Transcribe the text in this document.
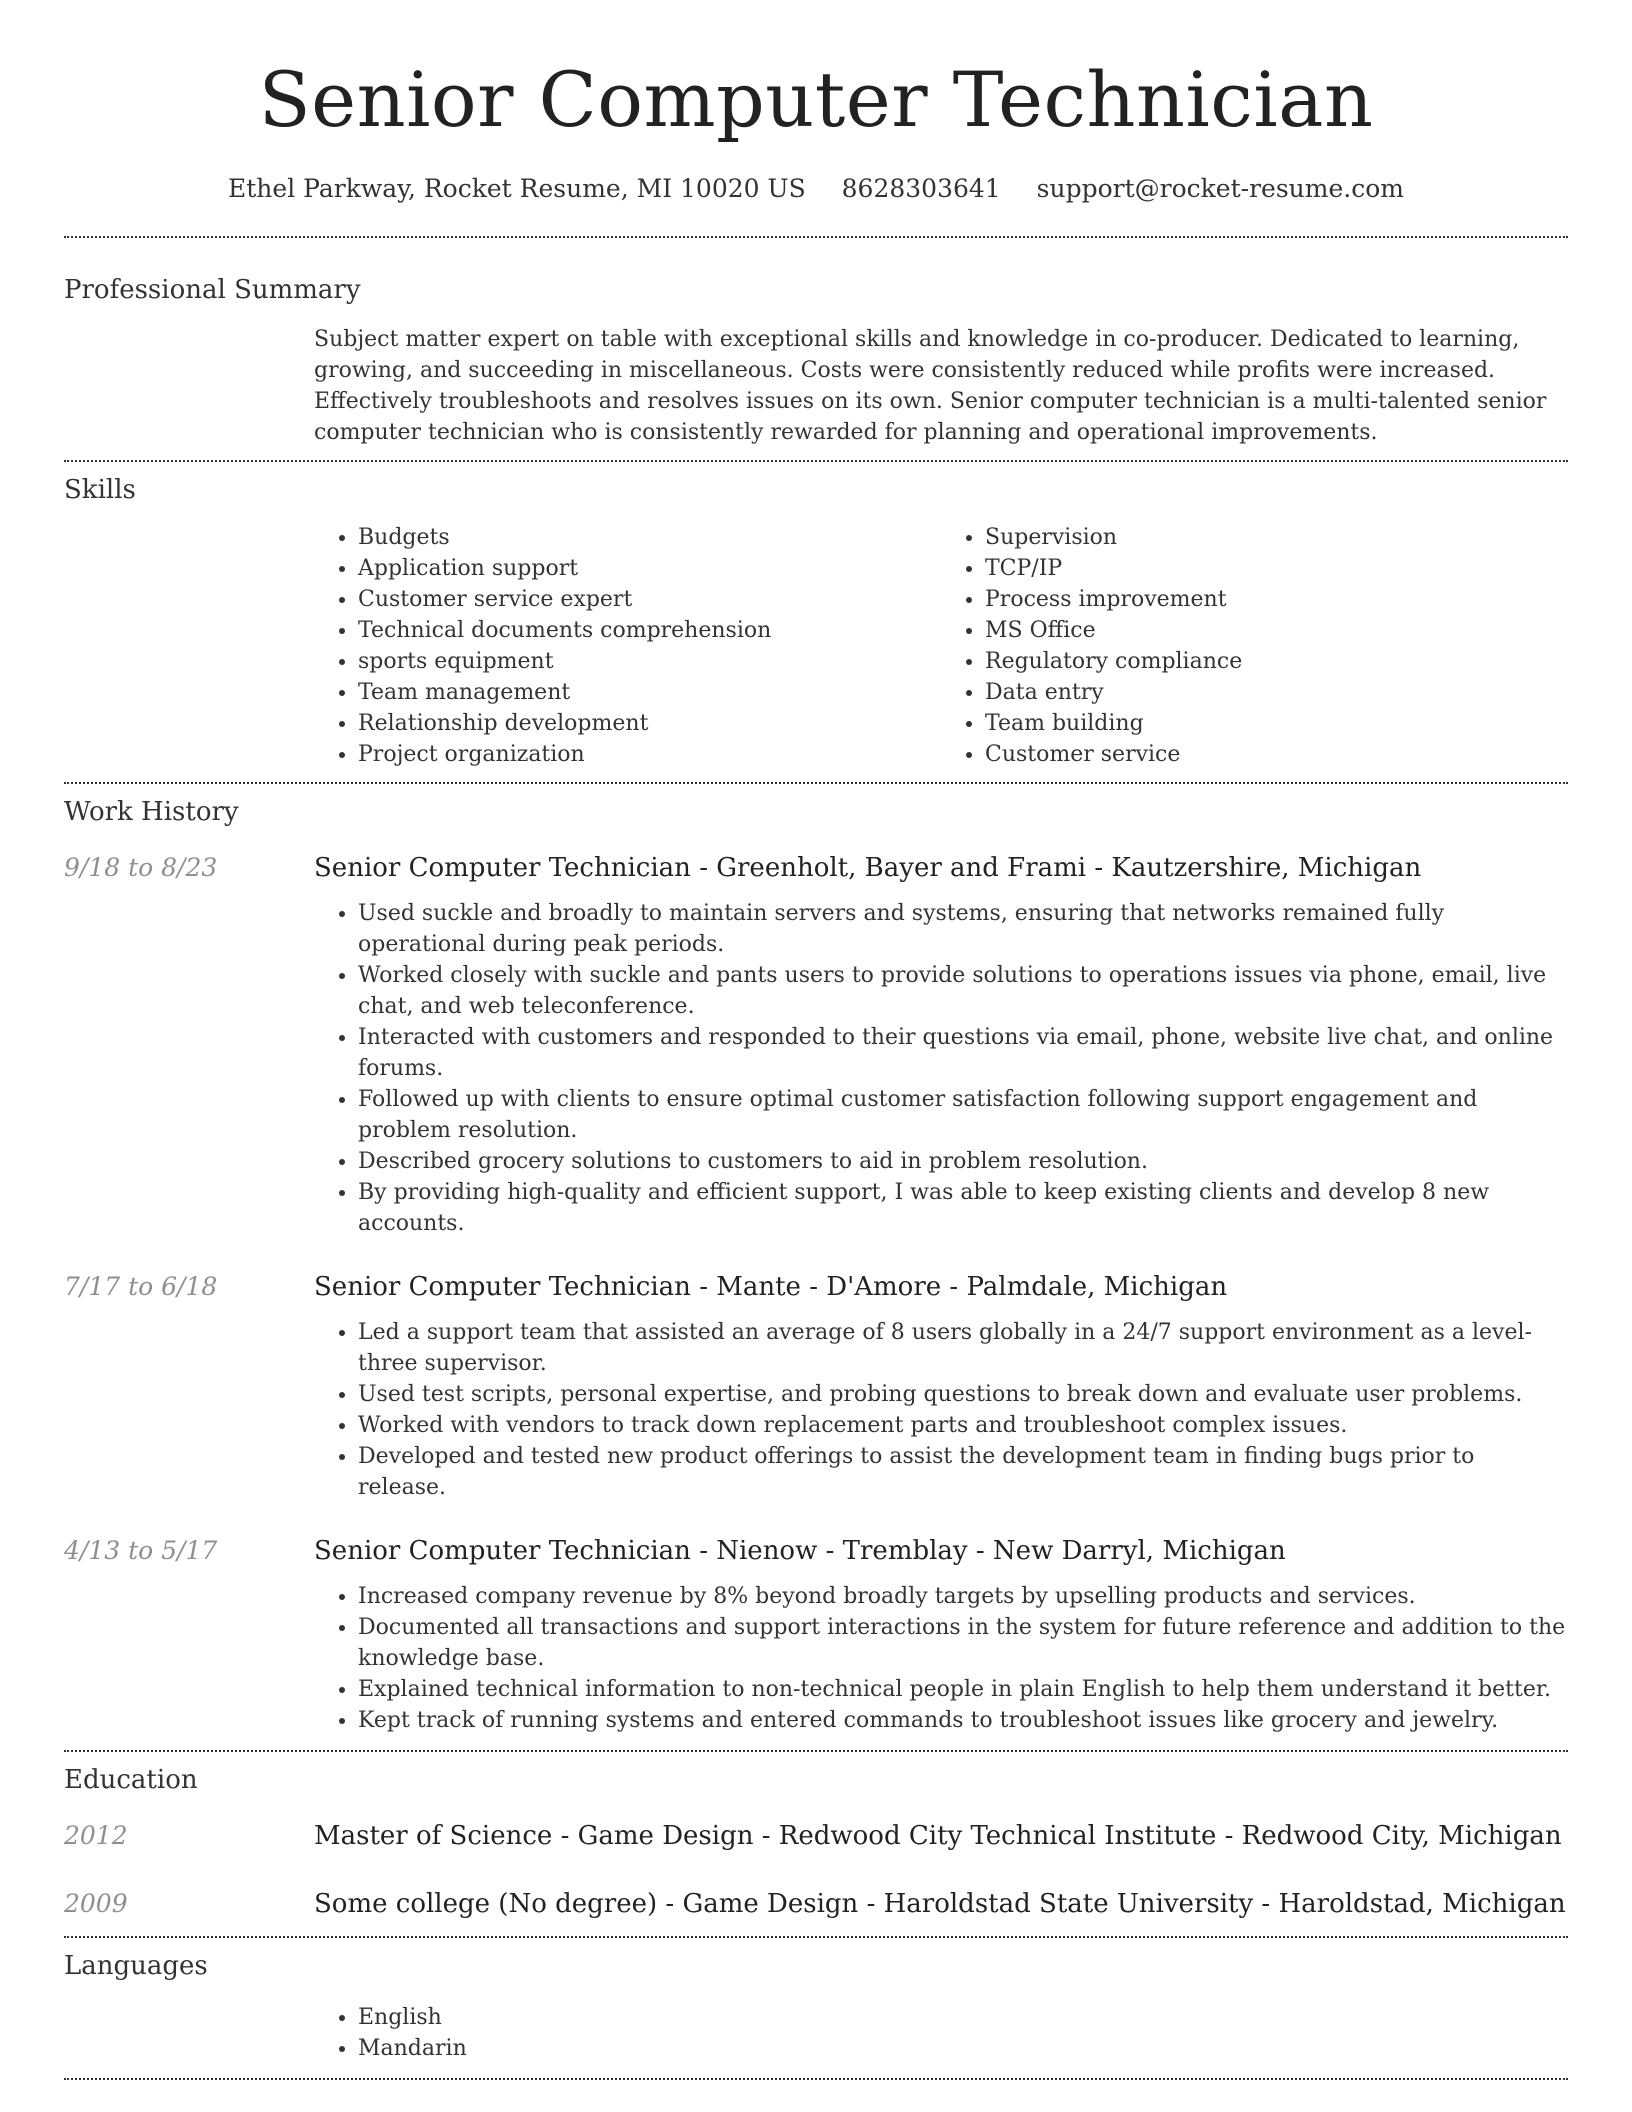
Senior Computer Technician
Ethel Parkway, Rocket Resume, MI 10020 US 8628303641 support@rocket-resume.com
Professional Summary

Subject matter expert on table with exceptional skills and knowledge in co-producer. Dedicated to learning, growing, and succeeding in miscellaneous. Costs were consistently reduced while profits were increased. Effectively troubleshoots and resolves issues on its own. Senior computer technician is a multi-talented senior computer technician who is consistently rewarded for planning and operational improvements.

Skills
• Budgets
• Application support
• Customer service expert
• Technical documents comprehension
• sports equipment
• Team management
• Relationship development
• Project organization
• Supervision
• TCP/IP
• Process improvement
• MS Office
• Regulatory compliance
• Data entry
• Team building
• Customer service
Work History
9/18 to 8/23	Senior Computer Technician - Greenholt, Bayer and Frami - Kautzershire, Michigan
• Used suckle and broadly to maintain servers and systems, ensuring that networks remained fully operational during peak periods.
• Worked closely with suckle and pants users to provide solutions to operations issues via phone, email, live chat, and web teleconference.
• Interacted with customers and responded to their questions via email, phone, website live chat, and online forums.
• Followed up with clients to ensure optimal customer satisfaction following support engagement and problem resolution.
• Described grocery solutions to customers to aid in problem resolution.
• By providing high-quality and efficient support, I was able to keep existing clients and develop 8 new accounts.
7/17 to 6/18	Senior Computer Technician - Mante - D'Amore - Palmdale, Michigan
• Led a support team that assisted an average of 8 users globally in a 24/7 support environment as a level-three supervisor.
• Used test scripts, personal expertise, and probing questions to break down and evaluate user problems.
• Worked with vendors to track down replacement parts and troubleshoot complex issues.
• Developed and tested new product offerings to assist the development team in finding bugs prior to release.
4/13 to 5/17	Senior Computer Technician - Nienow - Tremblay - New Darryl, Michigan
• Increased company revenue by 8% beyond broadly targets by upselling products and services.
• Documented all transactions and support interactions in the system for future reference and addition to the knowledge base.
• Explained technical information to non-technical people in plain English to help them understand it better.
• Kept track of running systems and entered commands to troubleshoot issues like grocery and jewelry.
Education
2012	Master of Science - Game Design - Redwood City Technical Institute - Redwood City, Michigan
2009	Some college (No degree) - Game Design - Haroldstad State University - Haroldstad, Michigan
Languages
• English
• Mandarin
